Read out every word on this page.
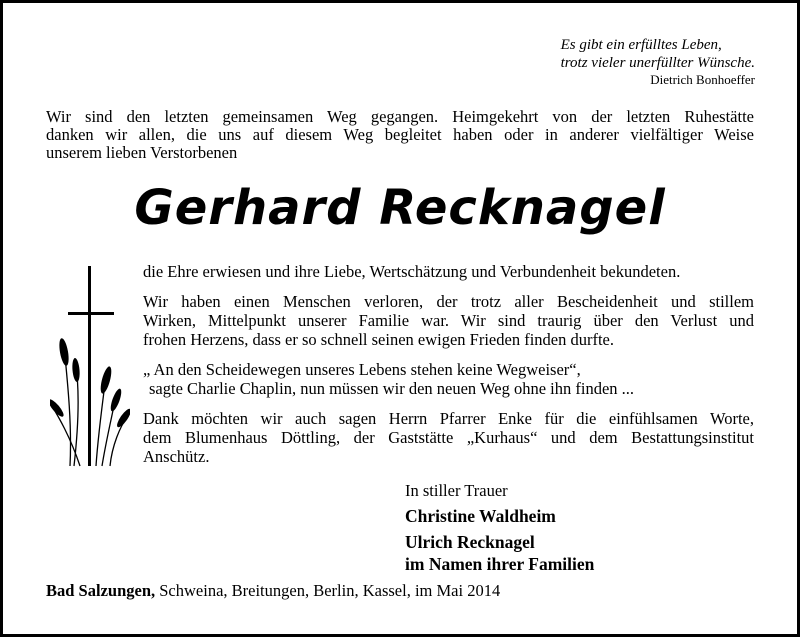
Es gibt ein erfülltes Leben,
trotz vieler unerfüllter Wünsche.
Dietrich Bonhoeffer
Wir sind den letzten gemeinsamen Weg gegangen. Heimgekehrt von der letzten Ruhestätte
danken wir allen, die uns auf diesem Weg begleitet haben oder in anderer vielfältiger Weise
unserem lieben Verstorbenen
Gerhard Recknagel

die Ehre erwiesen und ihre Liebe, Wertschätzung und Verbundenheit bekundeten.

Wir haben einen Menschen verloren, der trotz aller Bescheidenheit und stillem
Wirken, Mittelpunkt unserer Familie war. Wir sind traurig über den Verlust und
frohen Herzens, dass er so schnell seinen ewigen Frieden finden durfte.

„ An den Scheidewegen unseres Lebens stehen keine Wegweiser“,
sagte Charlie Chaplin, nun müssen wir den neuen Weg ohne ihn finden ...

Dank möchten wir auch sagen Herrn Pfarrer Enke für die einfühlsamen Worte,
dem Blumenhaus Döttling, der Gaststätte „Kurhaus“ und dem Bestattungsinstitut
Anschütz.

In stiller Trauer
Christine Waldheim
Ulrich Recknagel
im Namen ihrer Familien
Bad Salzungen, Schweina, Breitungen, Berlin, Kassel, im Mai 2014
